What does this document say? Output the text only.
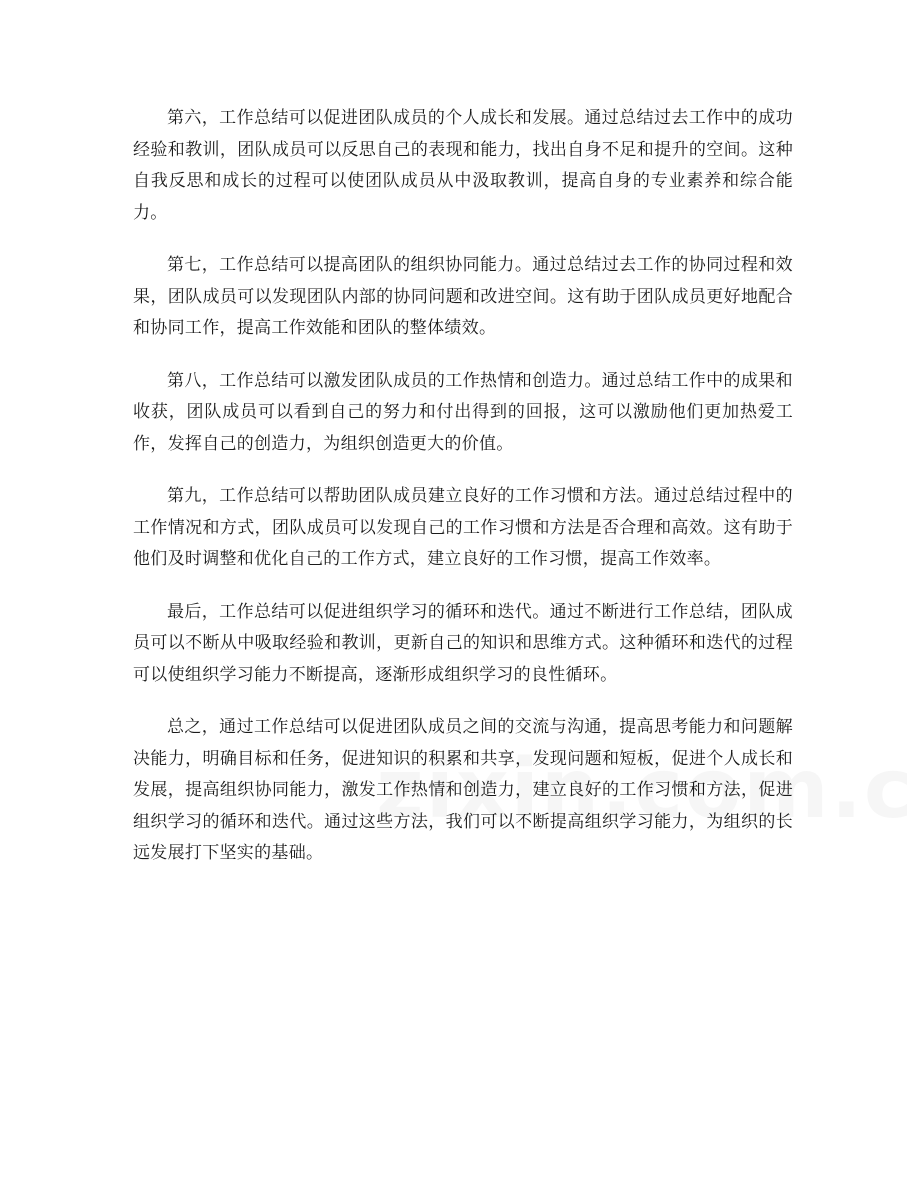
第六，工作总结可以促进团队成员的个人成长和发展。通过总结过去工作中的成功经验和教训，团队成员可以反思自己的表现和能力，找出自身不足和提升的空间。这种自我反思和成长的过程可以使团队成员从中汲取教训，提高自身的专业素养和综合能力。

第七，工作总结可以提高团队的组织协同能力。通过总结过去工作的协同过程和效果，团队成员可以发现团队内部的协同问题和改进空间。这有助于团队成员更好地配合和协同工作，提高工作效能和团队的整体绩效。

第八，工作总结可以激发团队成员的工作热情和创造力。通过总结工作中的成果和收获，团队成员可以看到自己的努力和付出得到的回报，这可以激励他们更加热爱工作，发挥自己的创造力，为组织创造更大的价值。

第九，工作总结可以帮助团队成员建立良好的工作习惯和方法。通过总结过程中的工作情况和方式，团队成员可以发现自己的工作习惯和方法是否合理和高效。这有助于他们及时调整和优化自己的工作方式，建立良好的工作习惯，提高工作效率。

最后，工作总结可以促进组织学习的循环和迭代。通过不断进行工作总结，团队成员可以不断从中吸取经验和教训，更新自己的知识和思维方式。这种循环和迭代的过程可以使组织学习能力不断提高，逐渐形成组织学习的良性循环。

总之，通过工作总结可以促进团队成员之间的交流与沟通，提高思考能力和问题解决能力，明确目标和任务，促进知识的积累和共享，发现问题和短板，促进个人成长和发展，提高组织协同能力，激发工作热情和创造力，建立良好的工作习惯和方法，促进组织学习的循环和迭代。通过这些方法，我们可以不断提高组织学习能力，为组织的长远发展打下坚实的基础。
